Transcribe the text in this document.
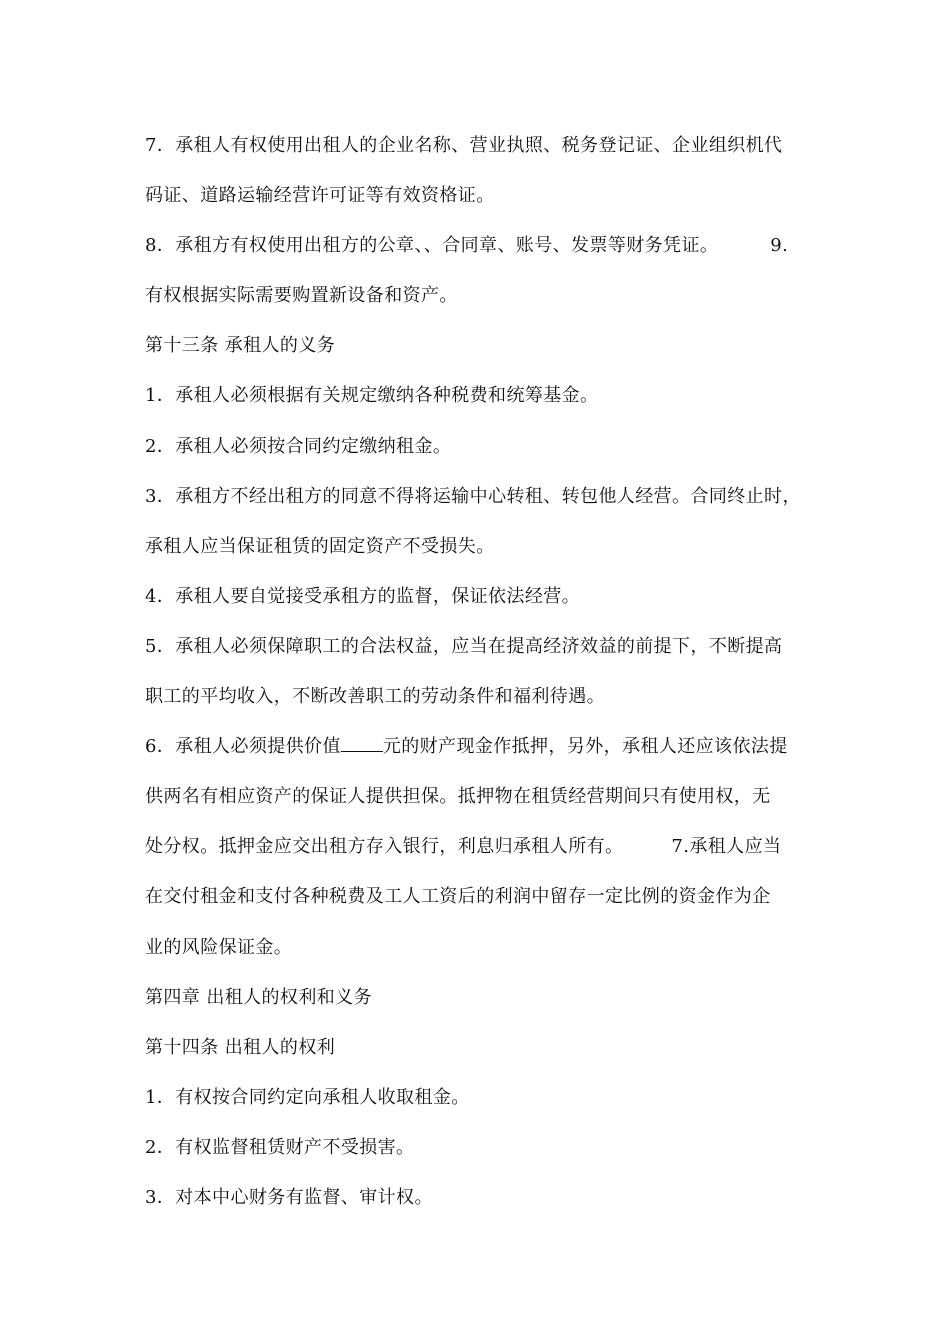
7．承租人有权使用出租人的企业名称、营业执照、税务登记证、企业组织机代
码证、道路运输经营许可证等有效资格证。
8．承租方有权使用出租方的公章、、合同章、账号、发票等财务凭证。	9.
有权根据实际需要购置新设备和资产。
第十三条 承租人的义务
1．承租人必须根据有关规定缴纳各种税费和统筹基金。
2．承租人必须按合同约定缴纳租金。
3．承租方不经出租方的同意不得将运输中心转租、转包他人经营。合同终止时，
承租人应当保证租赁的固定资产不受损失。
4．承租人要自觉接受承租方的监督，保证依法经营。
5．承租人必须保障职工的合法权益，应当在提高经济效益的前提下，不断提高
职工的平均收入，不断改善职工的劳动条件和福利待遇。
6．承租人必须提供价值 元的财产现金作抵押，另外，承租人还应该依法提
供两名有相应资产的保证人提供担保。抵押物在租赁经营期间只有使用权，无
处分权。抵押金应交出租方存入银行，利息归承租人所有。	7.承租人应当
在交付租金和支付各种税费及工人工资后的利润中留存一定比例的资金作为企
业的风险保证金。
第四章 出租人的权利和义务
第十四条 出租人的权利
1．有权按合同约定向承租人收取租金。
2．有权监督租赁财产不受损害。
3．对本中心财务有监督、审计权。
